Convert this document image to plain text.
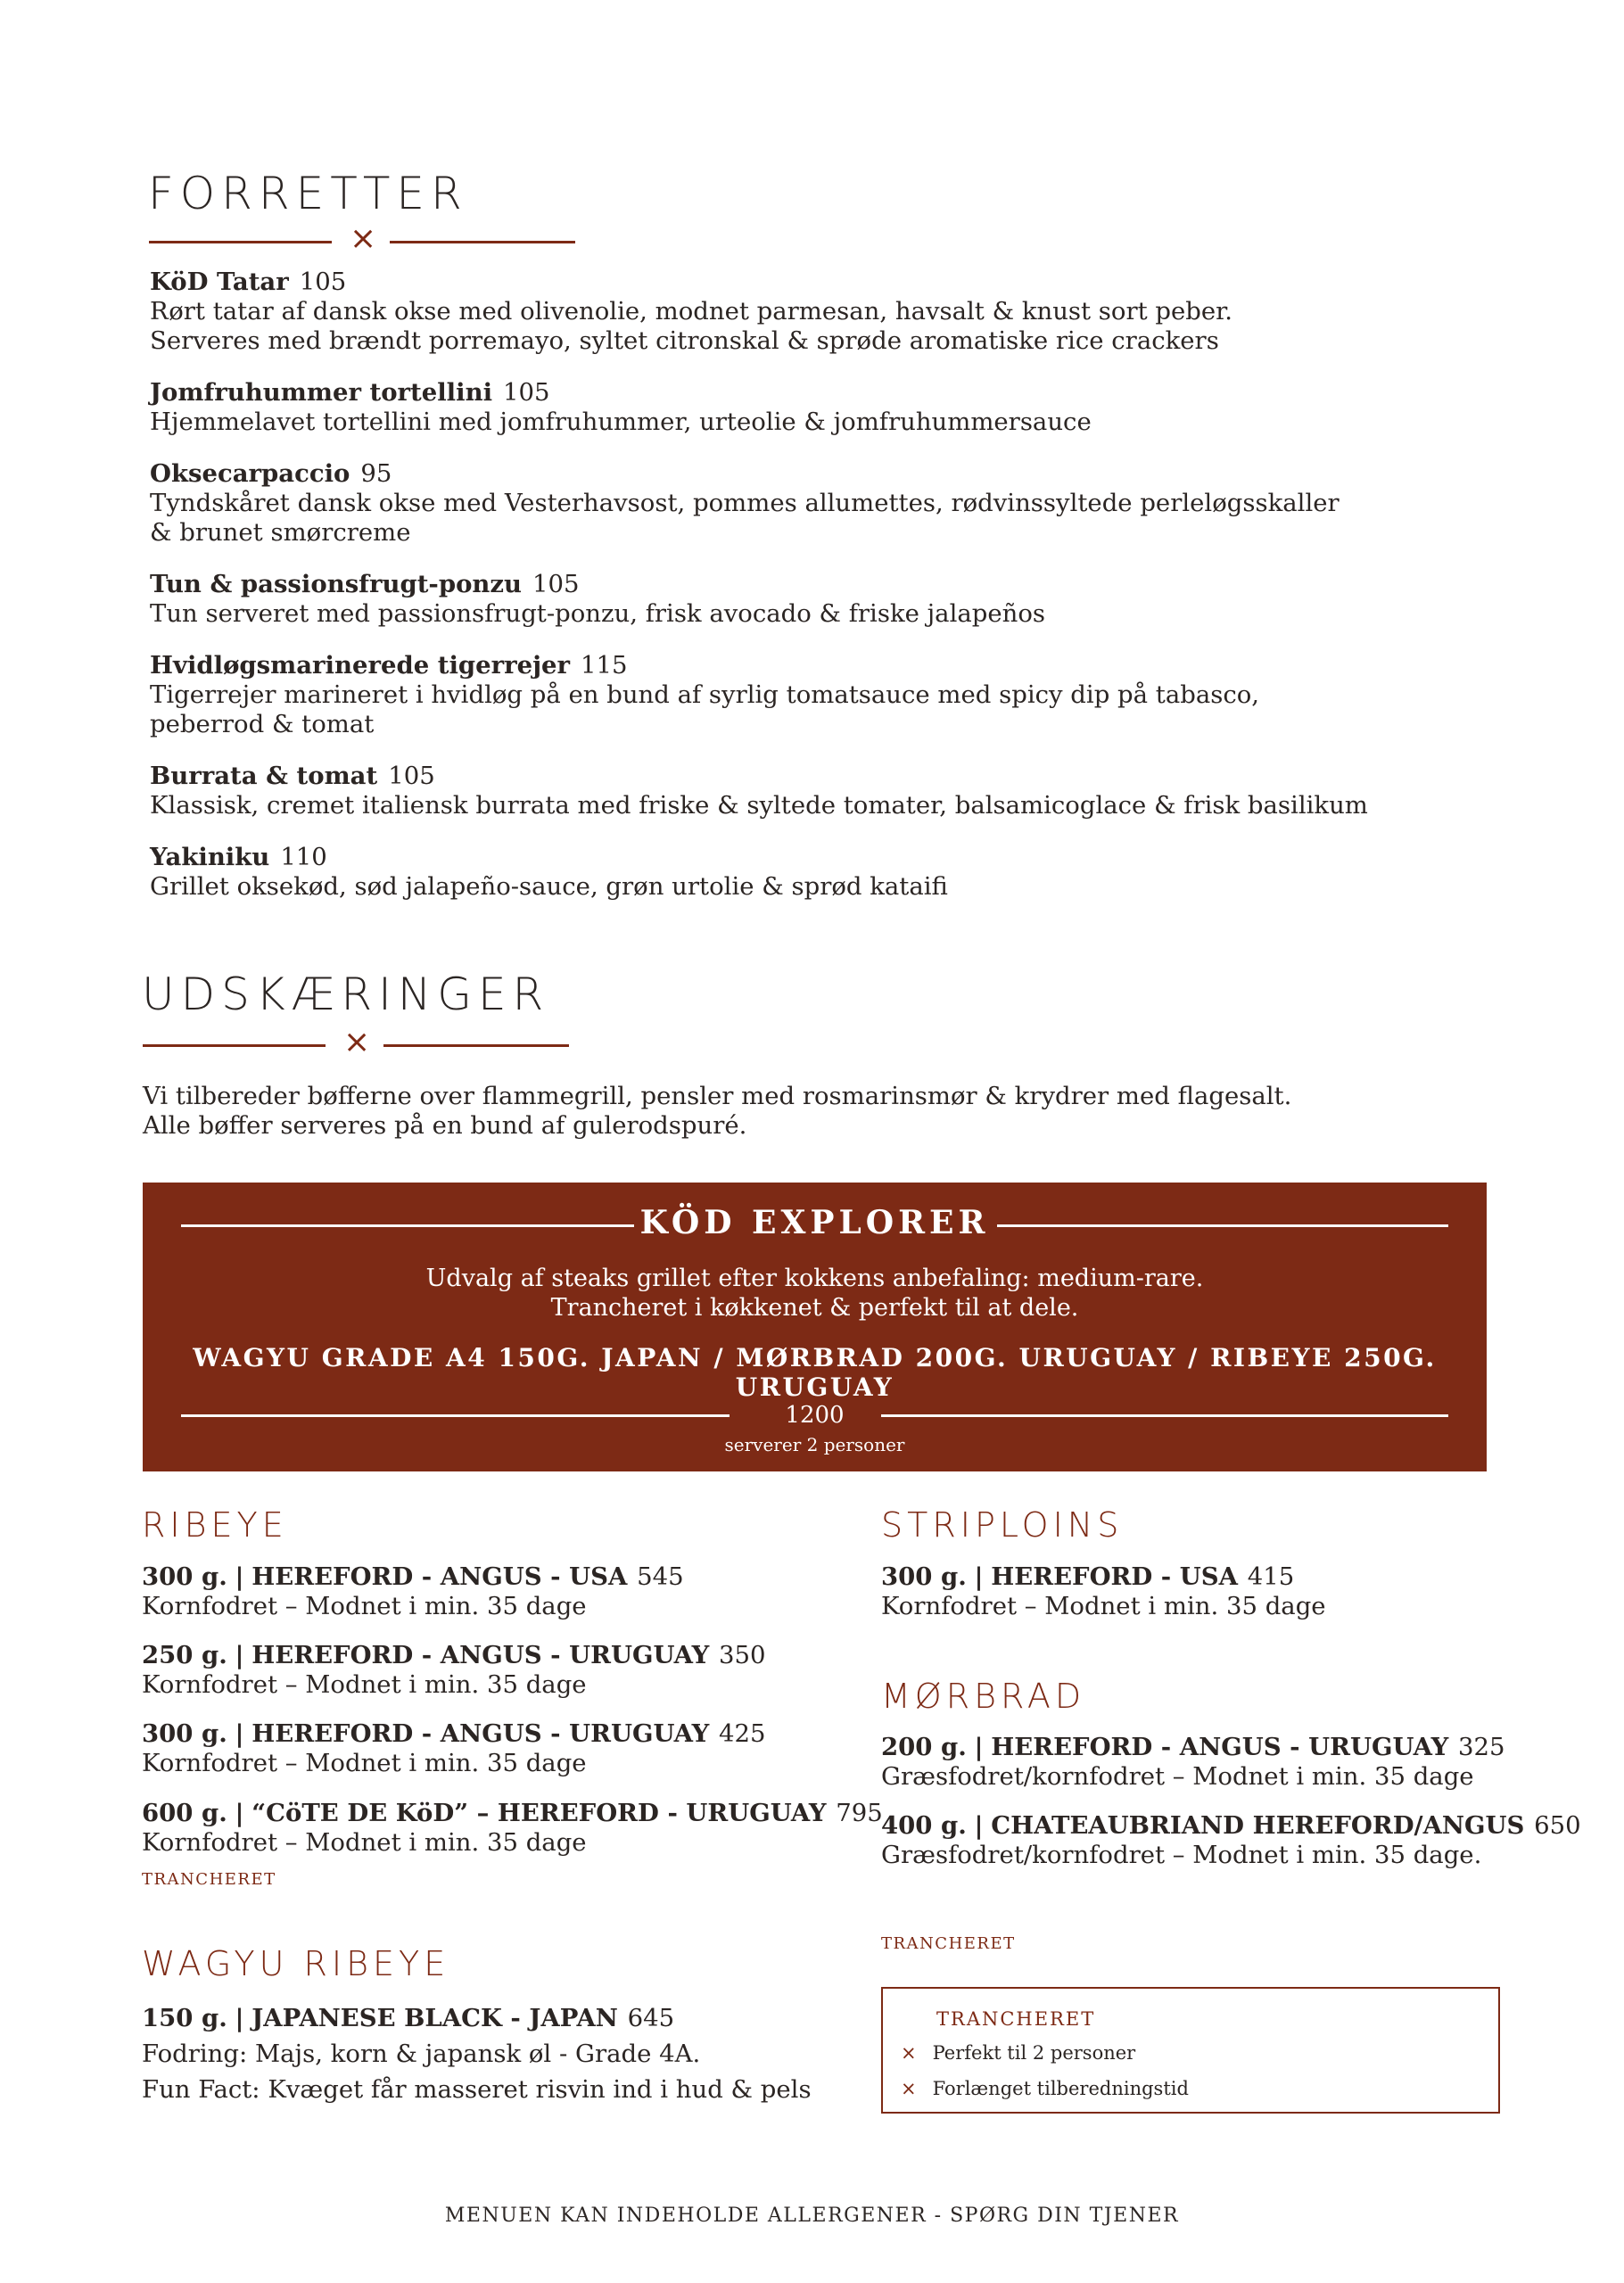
FORRETTER
×
KöD Tatar 105
Rørt tatar af dansk okse med olivenolie, modnet parmesan, havsalt & knust sort peber.
Serveres med brændt porremayo, syltet citronskal & sprøde aromatiske rice crackers
Jomfruhummer tortellini 105
Hjemmelavet tortellini med jomfruhummer, urteolie & jomfruhummersauce
Oksecarpaccio 95
Tyndskåret dansk okse med Vesterhavsost, pommes allumettes, rødvinssyltede perleløgsskaller
& brunet smørcreme
Tun & passionsfrugt-ponzu 105
Tun serveret med passionsfrugt-ponzu, frisk avocado & friske jalapeños
Hvidløgsmarinerede tigerrejer 115
Tigerrejer marineret i hvidløg på en bund af syrlig tomatsauce med spicy dip på tabasco,
peberrod & tomat
Burrata & tomat 105
Klassisk, cremet italiensk burrata med friske & syltede tomater, balsamicoglace & frisk basilikum
Yakiniku 110
Grillet oksekød, sød jalapeño-sauce, grøn urtolie & sprød kataifi
UDSKÆRINGER
×
Vi tilbereder bøfferne over flammegrill, pensler med rosmarinsmør & krydrer med flagesalt.
Alle bøffer serveres på en bund af gulerodspuré.
KÖD EXPLORER
Udvalg af steaks grillet efter kokkens anbefaling: medium-rare.
Trancheret i køkkenet & perfekt til at dele.
WAGYU GRADE A4 150G. JAPAN / MØRBRAD 200G. URUGUAY / RIBEYE 250G. URUGUAY
1200
serverer 2 personer
RIBEYE
300 g. | HEREFORD - ANGUS - USA 545
Kornfodret – Modnet i min. 35 dage
250 g. | HEREFORD - ANGUS - URUGUAY 350
Kornfodret – Modnet i min. 35 dage
300 g. | HEREFORD - ANGUS - URUGUAY 425
Kornfodret – Modnet i min. 35 dage
600 g. | “CöTE DE KöD” – HEREFORD - URUGUAY 795
Kornfodret – Modnet i min. 35 dage
TRANCHERET
WAGYU RIBEYE
150 g. | JAPANESE BLACK - JAPAN 645
Fodring: Majs, korn & japansk øl - Grade 4A.
Fun Fact: Kvæget får masseret risvin ind i hud & pels
STRIPLOINS
300 g. | HEREFORD - USA 415
Kornfodret – Modnet i min. 35 dage
MØRBRAD
200 g. | HEREFORD - ANGUS - URUGUAY 325
Græsfodret/kornfodret – Modnet i min. 35 dage
400 g. | CHATEAUBRIAND HEREFORD/ANGUS 650
Græsfodret/kornfodret – Modnet i min. 35 dage.
TRANCHERET
TRANCHERET
× Perfekt til 2 personer
× Forlænget tilberedningstid
MENUEN KAN INDEHOLDE ALLERGENER - SPØRG DIN TJENER
